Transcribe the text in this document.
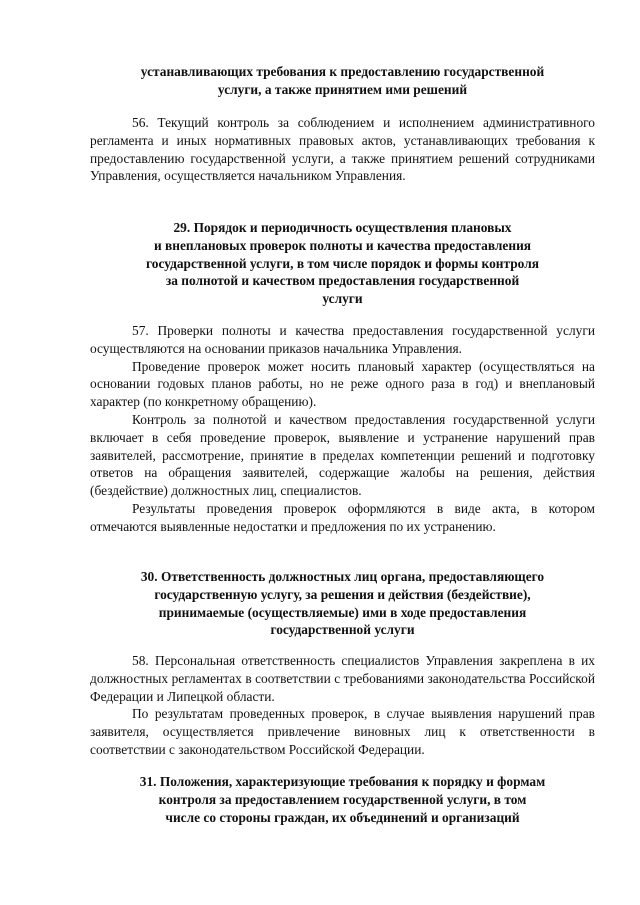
устанавливающих требования к предоставлению государственной
услуги, а также принятием ими решений

56. Текущий контроль за соблюдением и исполнением административного регламента и иных нормативных правовых актов, устанавливающих требования к предоставлению государственной услуги, а также принятием решений сотрудниками Управления, осуществляется начальником Управления.

29. Порядок и периодичность осуществления плановых
и внеплановых проверок полноты и качества предоставления
государственной услуги, в том числе порядок и формы контроля
за полнотой и качеством предоставления государственной
услуги

57. Проверки полноты и качества предоставления государственной услуги осуществляются на основании приказов начальника Управления.

Проведение проверок может носить плановый характер (осуществляться на основании годовых планов работы, но не реже одного раза в год) и внеплановый характер (по конкретному обращению).

Контроль за полнотой и качеством предоставления государственной услуги включает в себя проведение проверок, выявление и устранение нарушений прав заявителей, рассмотрение, принятие в пределах компетенции решений и подготовку ответов на обращения заявителей, содержащие жалобы на решения, действия (бездействие) должностных лиц, специалистов.

Результаты проведения проверок оформляются в виде акта, в котором отмечаются выявленные недостатки и предложения по их устранению.

30. Ответственность должностных лиц органа, предоставляющего
государственную услугу, за решения и действия (бездействие),
принимаемые (осуществляемые) ими в ходе предоставления
государственной услуги

58. Персональная ответственность специалистов Управления закреплена в их должностных регламентах в соответствии с требованиями законодательства Российской Федерации и Липецкой области.

По результатам проведенных проверок, в случае выявления нарушений прав заявителя, осуществляется привлечение виновных лиц к ответственности в соответствии с законодательством Российской Федерации.

31. Положения, характеризующие требования к порядку и формам
контроля за предоставлением государственной услуги, в том
числе со стороны граждан, их объединений и организаций
